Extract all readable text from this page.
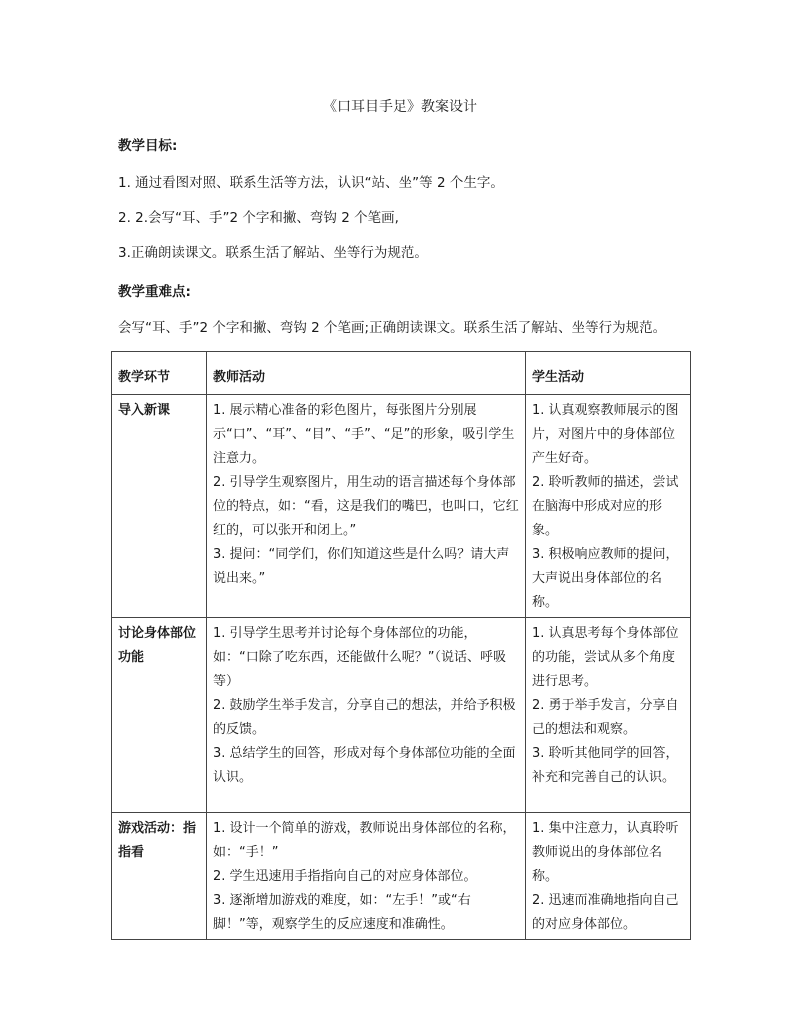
《口耳目手足》教案设计
教学目标:
1. 通过看图对照、联系生活等方法，认识“站、坐”等 2 个生字。
2. 2.会写“耳、手”2 个字和撇、弯钩 2 个笔画,
3.正确朗读课文。联系生活了解站、坐等行为规范。
教学重难点:
会写“耳、手”2 个字和撇、弯钩 2 个笔画;正确朗读课文。联系生活了解站、坐等行为规范。
教学环节	教师活动	学生活动
导入新课	1. 展示精心准备的彩色图片，每张图片分别展示“口”、“耳”、“目”、“手”、“足”的形象，吸引学生注意力。
2. 引导学生观察图片，用生动的语言描述每个身体部位的特点，如：“看，这是我们的嘴巴，也叫口，它红红的，可以张开和闭上。”
3. 提问：“同学们，你们知道这些是什么吗？请大声说出来。”	1. 认真观察教师展示的图片，对图片中的身体部位产生好奇。
2. 聆听教师的描述，尝试在脑海中形成对应的形象。
3. 积极响应教师的提问，大声说出身体部位的名称。

讨论身体部位功能	1. 引导学生思考并讨论每个身体部位的功能，如：“口除了吃东西，还能做什么呢？”（说话、呼吸等）
2. 鼓励学生举手发言，分享自己的想法，并给予积极的反馈。
3. 总结学生的回答，形成对每个身体部位功能的全面认识。	1. 认真思考每个身体部位的功能，尝试从多个角度进行思考。
2. 勇于举手发言，分享自己的想法和观察。
3. 聆听其他同学的回答，补充和完善自己的认识。

游戏活动：指指看	1. 设计一个简单的游戏，教师说出身体部位的名称，如：“手！”
2. 学生迅速用手指指向自己的对应身体部位。
3. 逐渐增加游戏的难度，如：“左手！”或“右脚！”等，观察学生的反应速度和准确性。	1. 集中注意力，认真聆听教师说出的身体部位名称。
2. 迅速而准确地指向自己的对应身体部位。
